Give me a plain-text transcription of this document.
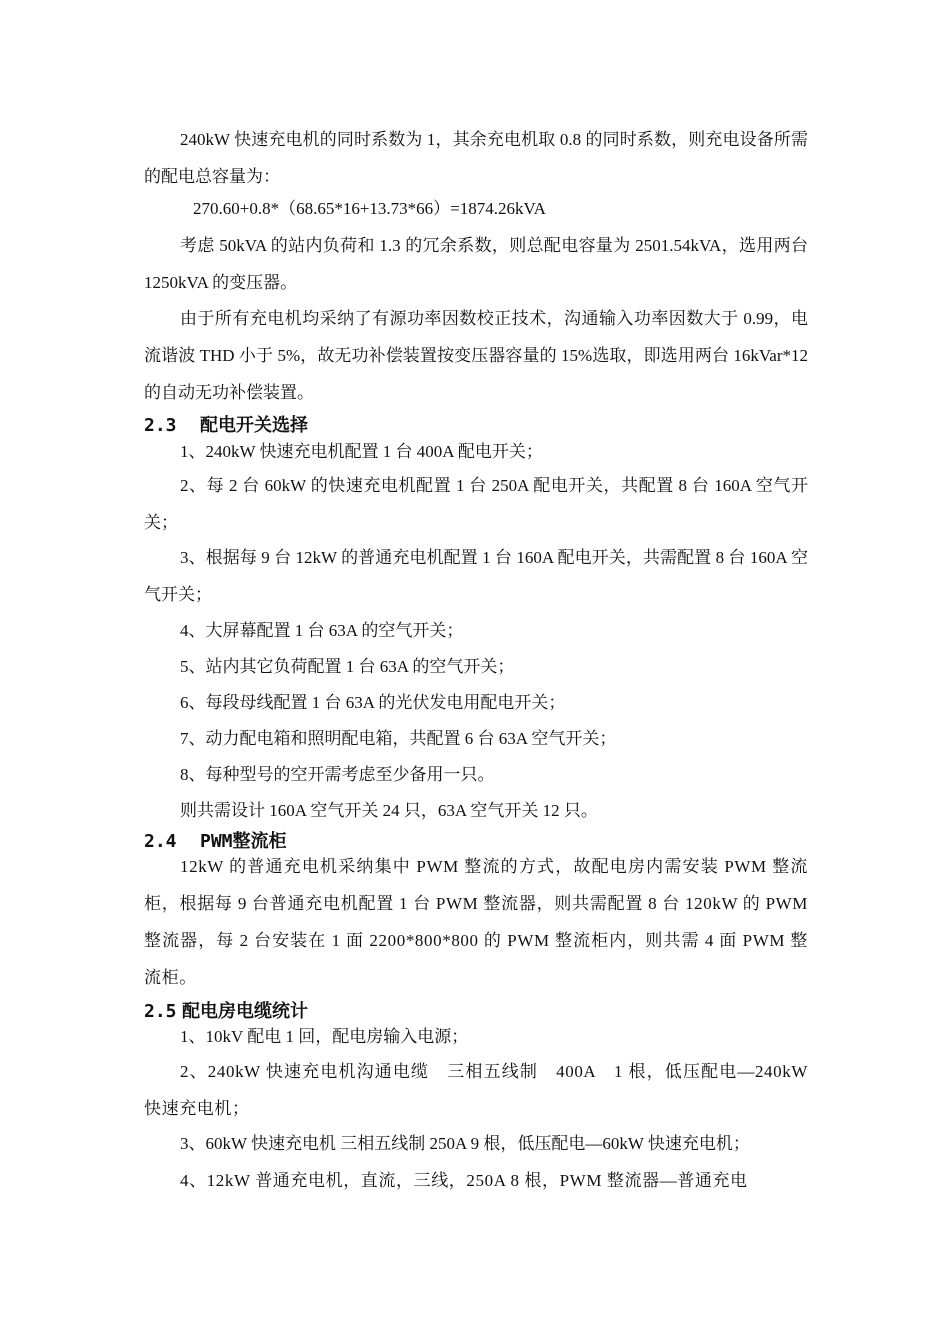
240kW 快速充电机的同时系数为 1，其余充电机取 0.8 的同时系数，则充电设备所需的配电总容量为：

270.60+0.8*（68.65*16+13.73*66）=1874.26kVA

考虑 50kVA 的站内负荷和 1.3 的冗余系数，则总配电容量为 2501.54kVA，选用两台 1250kVA 的变压器。

由于所有充电机均采纳了有源功率因数校正技术，沟通输入功率因数大于 0.99，电流谐波 THD 小于 5%，故无功补偿装置按变压器容量的 15%选取，即选用两台 16kVar*12 的自动无功补偿装置。

2.3 配电开关选择

1、240kW 快速充电机配置 1 台 400A 配电开关；

2、每 2 台 60kW 的快速充电机配置 1 台 250A 配电开关，共配置 8 台 160A 空气开关；

3、根据每 9 台 12kW 的普通充电机配置 1 台 160A 配电开关，共需配置 8 台 160A 空气开关；

4、大屏幕配置 1 台 63A 的空气开关；

5、站内其它负荷配置 1 台 63A 的空气开关；

6、每段母线配置 1 台 63A 的光伏发电用配电开关；

7、动力配电箱和照明配电箱，共配置 6 台 63A 空气开关；

8、每种型号的空开需考虑至少备用一只。

则共需设计 160A 空气开关 24 只，63A 空气开关 12 只。

2.4 PWM整流柜

12kW 的普通充电机采纳集中 PWM 整流的方式，故配电房内需安装 PWM 整流柜，根据每 9 台普通充电机配置 1 台 PWM 整流器，则共需配置 8 台 120kW 的 PWM 整流器，每 2 台安装在 1 面 2200*800*800 的 PWM 整流柜内，则共需 4 面 PWM 整流柜。

2.5 配电房电缆统计

1、10kV 配电 1 回，配电房输入电源；

2、240kW 快速充电机沟通电缆　三相五线制　400A　1 根，低压配电—240kW 快速充电机；

3、60kW 快速充电机 三相五线制 250A 9 根，低压配电—60kW 快速充电机；

4、12kW 普通充电机，直流，三线，250A 8 根，PWM 整流器—普通充电
